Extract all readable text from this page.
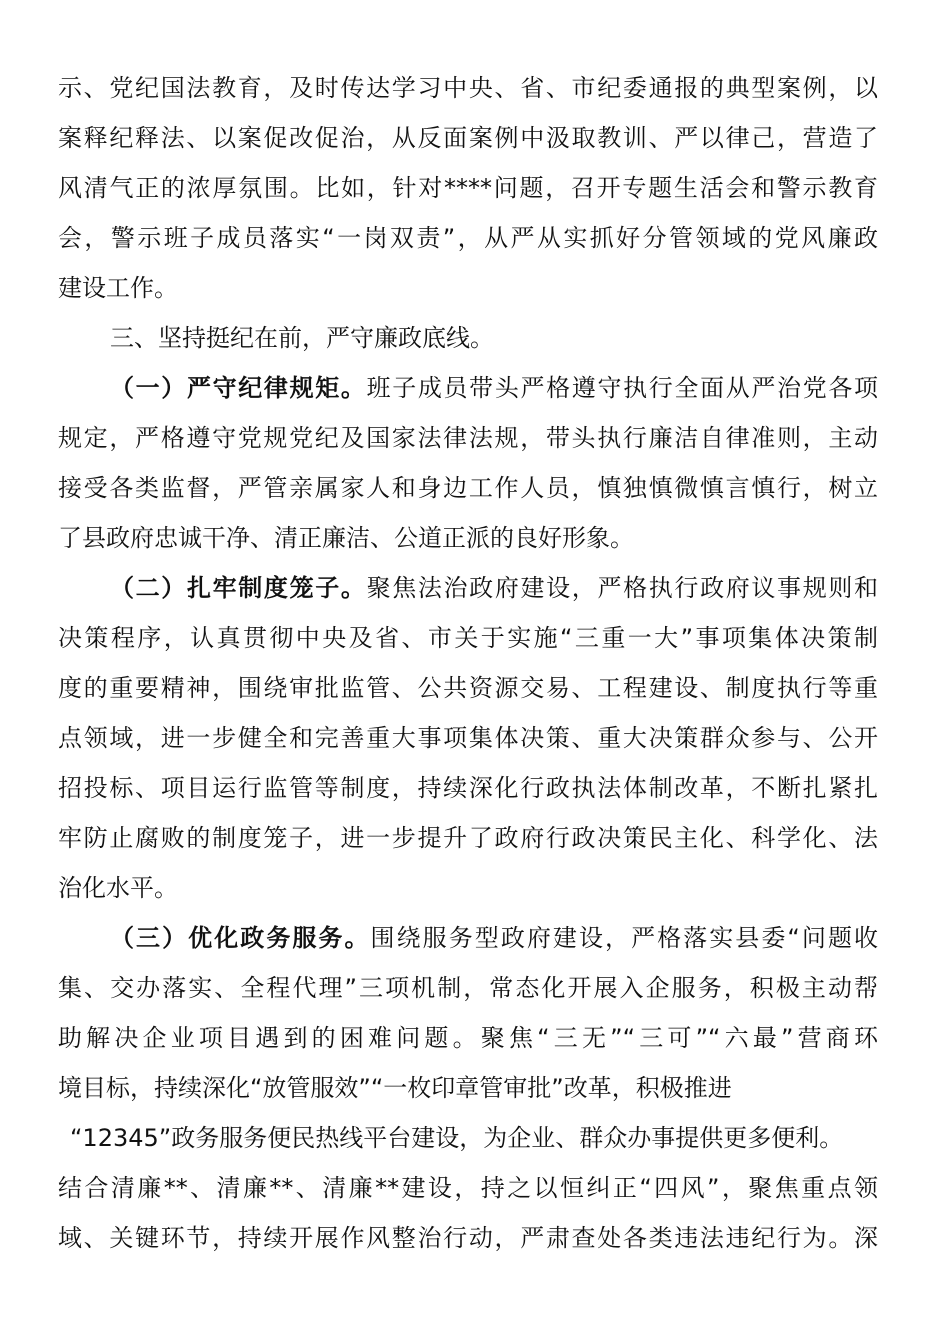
示、党纪国法教育，及时传达学习中央、省、市纪委通报的典型案例，以
案释纪释法、以案促改促治，从反面案例中汲取教训、严以律己，营造了
风清气正的浓厚氛围。比如，针对****问题，召开专题生活会和警示教育
会，警示班子成员落实“一岗双责”，从严从实抓好分管领域的党风廉政
建设工作。
三、坚持挺纪在前，严守廉政底线。
（一）严守纪律规矩。班子成员带头严格遵守执行全面从严治党各项
规定，严格遵守党规党纪及国家法律法规，带头执行廉洁自律准则，主动
接受各类监督，严管亲属家人和身边工作人员，慎独慎微慎言慎行，树立
了县政府忠诚干净、清正廉洁、公道正派的良好形象。
（二）扎牢制度笼子。聚焦法治政府建设，严格执行政府议事规则和
决策程序，认真贯彻中央及省、市关于实施“三重一大”事项集体决策制
度的重要精神，围绕审批监管、公共资源交易、工程建设、制度执行等重
点领域，进一步健全和完善重大事项集体决策、重大决策群众参与、公开
招投标、项目运行监管等制度，持续深化行政执法体制改革，不断扎紧扎
牢防止腐败的制度笼子，进一步提升了政府行政决策民主化、科学化、法
治化水平。
（三）优化政务服务。围绕服务型政府建设，严格落实县委“问题收
集、交办落实、全程代理”三项机制，常态化开展入企服务，积极主动帮
助解决企业项目遇到的困难问题。聚焦“三无”“三可”“六最”营商环
境目标，持续深化“放管服效”“一枚印章管审批”改革，积极推进
“12345”政务服务便民热线平台建设，为企业、群众办事提供更多便利。
结合清廉**、清廉**、清廉**建设，持之以恒纠正“四风”，聚焦重点领
域、关键环节，持续开展作风整治行动，严肃查处各类违法违纪行为。深
